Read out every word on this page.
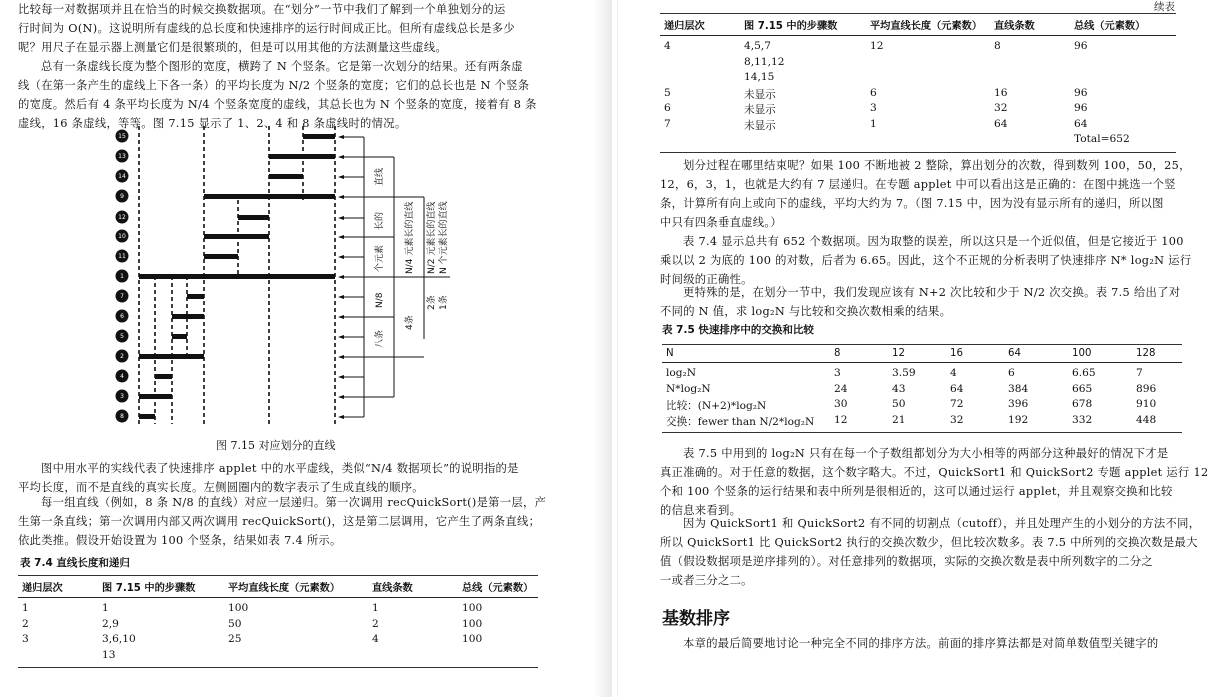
比较每一对数据项并且在恰当的时候交换数据项。在“划分”一节中我们了解到一个单独划分的运

行时间为 O(N)。这说明所有虚线的总长度和快速排序的运行时间成正比。但所有虚线总长是多少

呢？用尺子在显示器上测量它们是很繁琐的，但是可以用其他的方法测量这些虚线。

总有一条虚线长度为整个图形的宽度，横跨了 N 个竖条。它是第一次划分的结果。还有两条虚

线（在第一条产生的虚线上下各一条）的平均长度为 N/2 个竖条的宽度；它们的总长也是 N 个竖条

的宽度。然后有 4 条平均长度为 N/4 个竖条宽度的虚线，其总长也为 N 个竖条的宽度，接着有 8 条

虚线，16 条虚线，等等。图 7.15 显示了 1、2、4 和 8 条虚线时的情况。

15
13
14
9
12
10
11
1
7
6
5
2
4
3
8
直线
长的
个元素
N/8
八条
N/4 元素长的直线
4条
N/2 元素长的直线
2条
N 个元素长的直线
1条
图 7.15 对应划分的直线

图中用水平的实线代表了快速排序 applet 中的水平虚线，类似“N/4 数据项长”的说明指的是

平均长度，而不是直线的真实长度。左侧圆圈内的数字表示了生成直线的顺序。

每一组直线（例如，8 条 N/8 的直线）对应一层递归。第一次调用 recQuickSort()是第一层，产

生第一条直线；第一次调用内部又两次调用 recQuickSort()，这是第二层调用，它产生了两条直线；

依此类推。假设开始设置为 100 个竖条，结果如表 7.4 所示。

表 7.4 直线长度和递归
递归层次	图 7.15 中的步骤数	平均直线长度（元素数）	直线条数	总线（元素数）
1	1	100	1	100
2	2,9	50	2	100
3	3,6,10	25	4	100
	13			
续表
递归层次	图 7.15 中的步骤数	平均直线长度（元素数）	直线条数	总线（元素数）
4	4,5,7	12	8	96
	8,11,12			
	14,15			
5	未显示	6	16	96
6	未显示	3	32	96
7	未显示	1	64	64
				Total=652

划分过程在哪里结束呢？如果 100 不断地被 2 整除，算出划分的次数，得到数列 100，50，25，

12，6，3，1，也就是大约有 7 层递归。在专题 applet 中可以看出这是正确的：在图中挑选一个竖

条，计算所有向上或向下的虚线，平均大约为 7。（图 7.15 中，因为没有显示所有的递归，所以图

中只有四条垂直虚线。）

表 7.4 显示总共有 652 个数据项。因为取整的误差，所以这只是一个近似值，但是它接近于 100

乘以以 2 为底的 100 的对数，后者为 6.65。因此，这个不正规的分析表明了快速排序 N* log₂N 运行

时间级的正确性。

更特殊的是，在划分一节中，我们发现应该有 N+2 次比较和少于 N/2 次交换。表 7.5 给出了对

不同的 N 值，求 log₂N 与比较和交换次数相乘的结果。

表 7.5 快速排序中的交换和比较
N	8	12	16	64	100	128
log₂N	3	3.59	4	6	6.65	7
N*log₂N	24	43	64	384	665	896
比较：(N+2)*log₂N	30	50	72	396	678	910
交换：fewer than N/2*log₂N	12	21	32	192	332	448

表 7.5 中用到的 log₂N 只有在每一个子数组都划分为大小相等的两部分这种最好的情况下才是

真正准确的。对于任意的数据，这个数字略大。不过，QuickSort1 和 QuickSort2 专题 applet 运行 12

个和 100 个竖条的运行结果和表中所列是很相近的，这可以通过运行 applet，并且观察交换和比较

的信息来看到。

因为 QuickSort1 和 QuickSort2 有不同的切割点（cutoff），并且处理产生的小划分的方法不同，

所以 QuickSort1 比 QuickSort2 执行的交换次数少，但比较次数多。表 7.5 中所列的交换次数是最大

值（假设数据项是逆序排列的）。对任意排列的数据项，实际的交换次数是表中所列数字的二分之

一或者三分之二。

基数排序

本章的最后简要地讨论一种完全不同的排序方法。前面的排序算法都是对简单数值型关键字的
